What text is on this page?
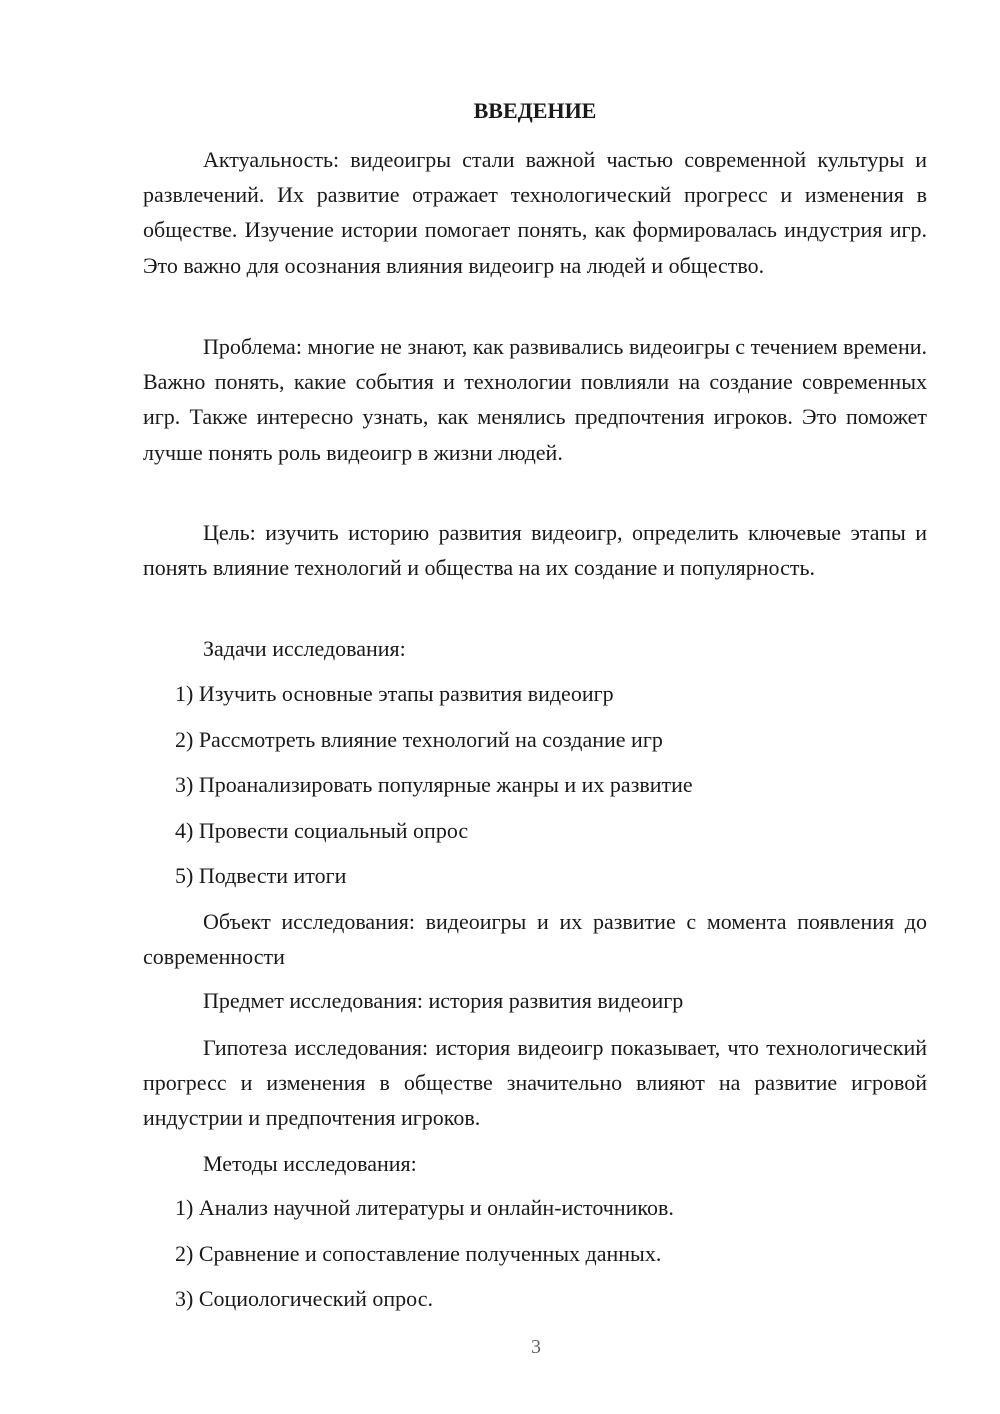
ВВЕДЕНИЕ

Актуальность: видеоигры стали важной частью современной культуры и развлечений. Их развитие отражает технологический прогресс и изменения в обществе. Изучение истории помогает понять, как формировалась индустрия игр. Это важно для осознания влияния видеоигр на людей и общество.

Проблема: многие не знают, как развивались видеоигры с течением времени. Важно понять, какие события и технологии повлияли на создание современных игр. Также интересно узнать, как менялись предпочтения игроков. Это поможет лучше понять роль видеоигр в жизни людей.

Цель: изучить историю развития видеоигр, определить ключевые этапы и понять влияние технологий и общества на их создание и популярность.

Задачи исследования:

1) Изучить основные этапы развития видеоигр

2) Рассмотреть влияние технологий на создание игр

3) Проанализировать популярные жанры и их развитие

4) Провести социальный опрос

5) Подвести итоги

Объект исследования: видеоигры и их развитие с момента появления до современности

Предмет исследования: история развития видеоигр

Гипотеза исследования: история видеоигр показывает, что технологический прогресс и изменения в обществе значительно влияют на развитие игровой индустрии и предпочтения игроков.

Методы исследования:

1) Анализ научной литературы и онлайн-источников.

2) Сравнение и сопоставление полученных данных.

3) Социологический опрос.

3
